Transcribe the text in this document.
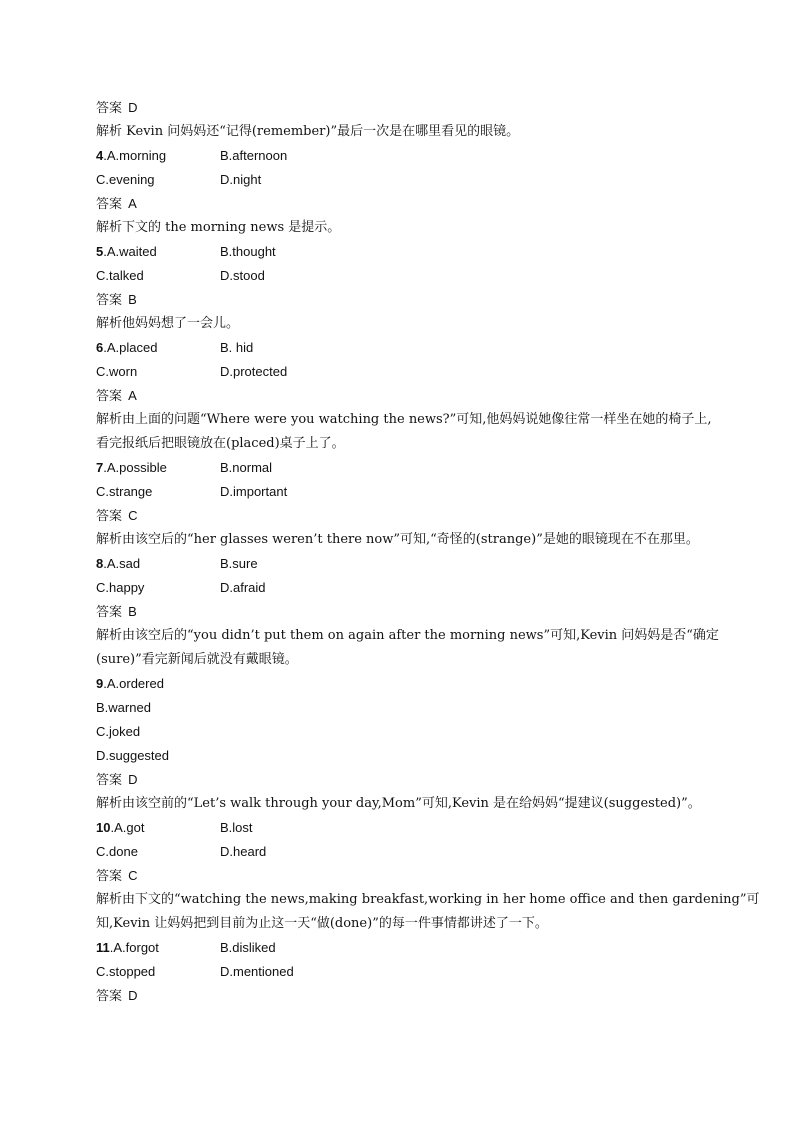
答案 D
解析 Kevin 问妈妈还“记得(remember)”最后一次是在哪里看见的眼镜。
4.A.morning	B.afternoon
C.evening	D.night
答案 A
解析下文的 the morning news 是提示。
5.A.waited	B.thought
C.talked	D.stood
答案 B
解析他妈妈想了一会儿。
6.A.placed	B. hid
C.worn	D.protected
答案 A
解析由上面的问题“Where were you watching the news?”可知,他妈妈说她像往常一样坐在她的椅子上,
看完报纸后把眼镜放在(placed)桌子上了。
7.A.possible	B.normal
C.strange	D.important
答案 C
解析由该空后的“her glasses weren’t there now”可知,“奇怪的(strange)”是她的眼镜现在不在那里。
8.A.sad	B.sure
C.happy	D.afraid
答案 B
解析由该空后的“you didn’t put them on again after the morning news”可知,Kevin 问妈妈是否“确定
(sure)”看完新闻后就没有戴眼镜。
9.A.ordered
B.warned
C.joked
D.suggested
答案 D
解析由该空前的“Let’s walk through your day,Mom”可知,Kevin 是在给妈妈“提建议(suggested)”。
10.A.got	B.lost
C.done	D.heard
答案 C
解析由下文的“watching the news,making breakfast,working in her home office and then gardening”可
知,Kevin 让妈妈把到目前为止这一天“做(done)”的每一件事情都讲述了一下。
11.A.forgot	B.disliked
C.stopped	D.mentioned
答案 D
